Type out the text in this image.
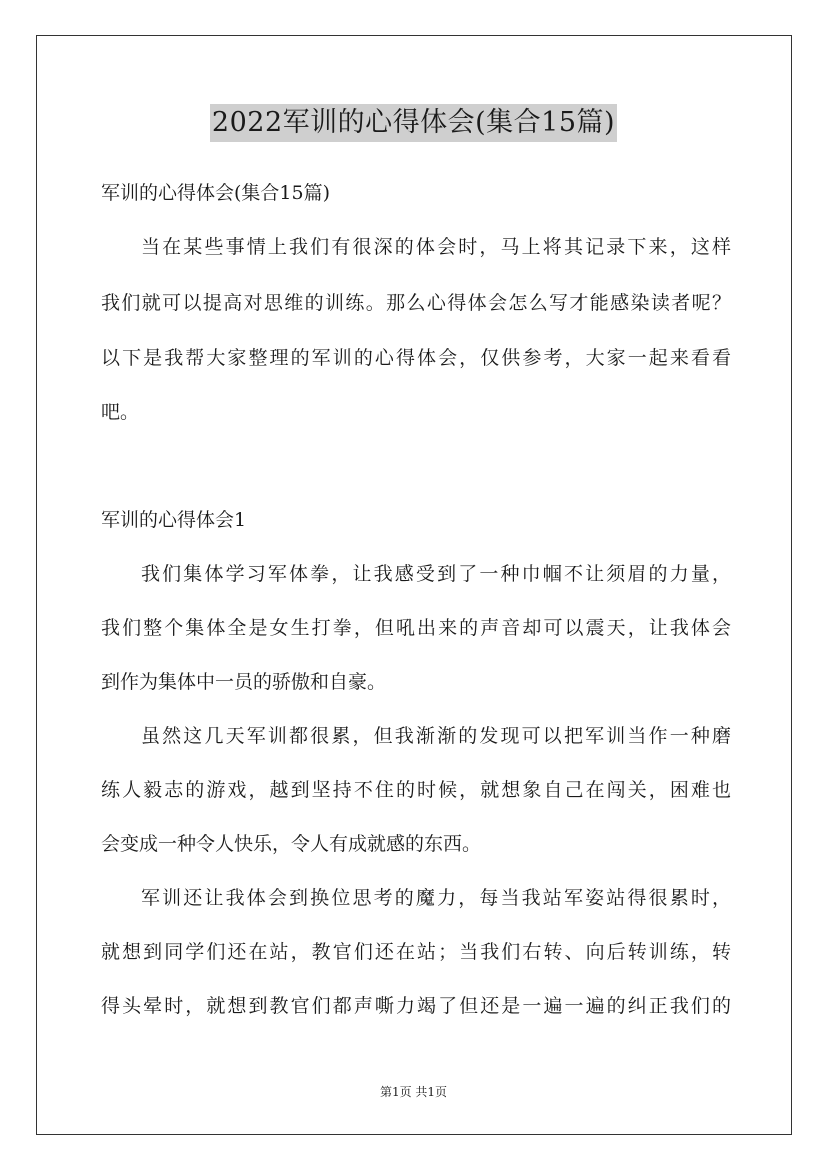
2022军训的心得体会(集合15篇)
军训的心得体会(集合15篇)
当在某些事情上我们有很深的体会时，马上将其记录下来，这样
我们就可以提高对思维的训练。那么心得体会怎么写才能感染读者呢？
以下是我帮大家整理的军训的心得体会，仅供参考，大家一起来看看
吧。
军训的心得体会1
我们集体学习军体拳，让我感受到了一种巾帼不让须眉的力量，
我们整个集体全是女生打拳，但吼出来的声音却可以震天，让我体会
到作为集体中一员的骄傲和自豪。
虽然这几天军训都很累，但我渐渐的发现可以把军训当作一种磨
练人毅志的游戏，越到坚持不住的时候，就想象自己在闯关，困难也
会变成一种令人快乐，令人有成就感的东西。
军训还让我体会到换位思考的魔力，每当我站军姿站得很累时，
就想到同学们还在站，教官们还在站；当我们右转、向后转训练，转
得头晕时，就想到教官们都声嘶力竭了但还是一遍一遍的纠正我们的
第1页 共1页
